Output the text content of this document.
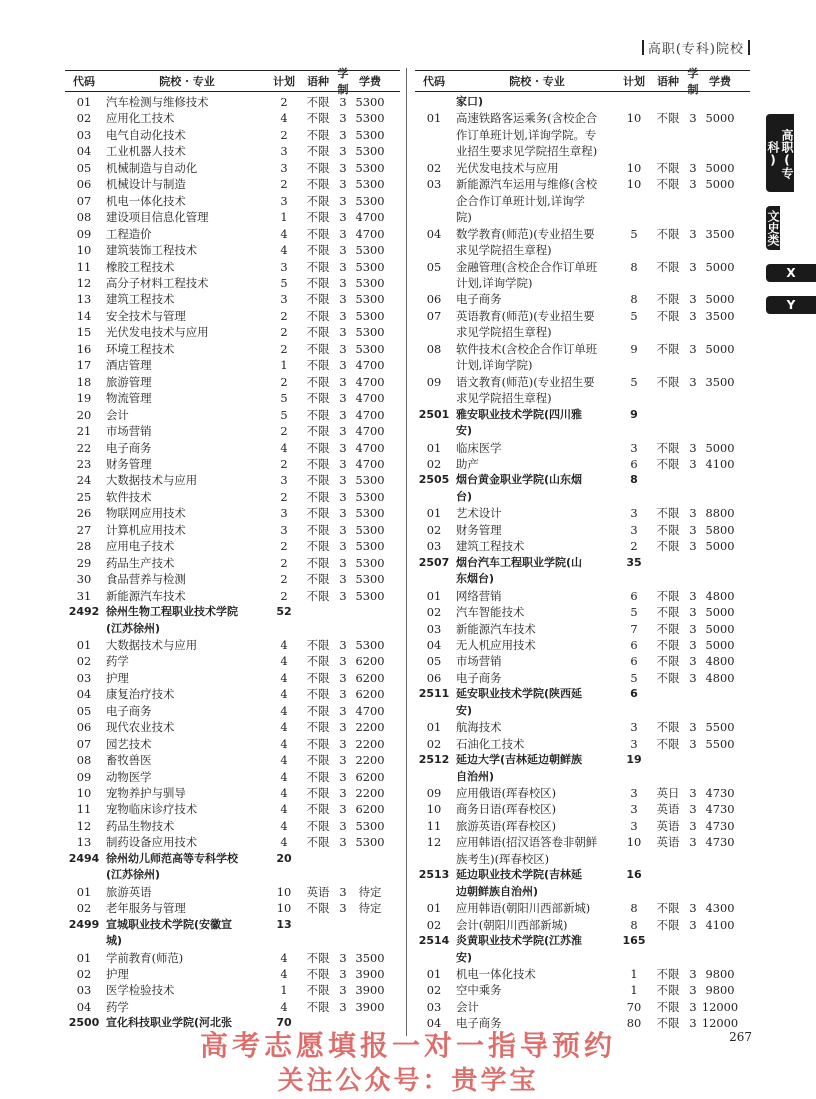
高职(专科)院校
代码	院校 · 专业	计划	语种
学制
学费
01	汽车检测与维修技术	2	不限 3 5300
02	应用化工技术	4	不限 3 5300
03	电气自动化技术	2	不限 3 5300
04	工业机器人技术	3	不限 3 5300
05	机械制造与自动化	3	不限 3 5300
06	机械设计与制造	2	不限 3 5300
07	机电一体化技术	3	不限 3 5300
08	建设项目信息化管理	1	不限 3 4700
09	工程造价	4	不限 3 4700
10	建筑装饰工程技术	4	不限 3 5300
11	橡胶工程技术	3	不限 3 5300
12	高分子材料工程技术	5	不限 3 5300
13	建筑工程技术	3	不限 3 5300
14	安全技术与管理	2	不限 3 5300
15	光伏发电技术与应用	2	不限 3 5300
16	环境工程技术	2	不限 3 5300
17	酒店管理	1	不限 3 4700
18	旅游管理	2	不限 3 4700
19	物流管理	5	不限 3 4700
20	会计	5	不限 3 4700
21	市场营销	2	不限 3 4700
22	电子商务	4	不限 3 4700
23	财务管理	2	不限 3 4700
24	大数据技术与应用	3	不限 3 5300
25	软件技术	2	不限 3 5300
26	物联网应用技术	3	不限 3 5300
27	计算机应用技术	3	不限 3 5300
28	应用电子技术	2	不限 3 5300
29	药品生产技术	2	不限 3 5300
30	食品营养与检测	2	不限 3 5300
31	新能源汽车技术	2	不限 3 5300
2492 徐州生物工程职业技术学院	52
(江苏徐州)
01	大数据技术与应用	4	不限 3 5300
02	药学	4	不限 3 6200
03	护理	4	不限 3 6200
04	康复治疗技术	4	不限 3 6200
05	电子商务	4	不限 3 4700
06	现代农业技术	4	不限 3 2200
07	园艺技术	4	不限 3 2200
08	畜牧兽医	4	不限 3 2200
09	动物医学	4	不限 3 6200
10	宠物养护与驯导	4	不限 3 2200
11	宠物临床诊疗技术	4	不限 3 6200
12	药品生物技术	4	不限 3 5300
13	制药设备应用技术	4	不限 3 5300
2494 徐州幼儿师范高等专科学校	20
(江苏徐州)
01	旅游英语	10	英语 3	待定
02	老年服务与管理	10	不限 3	待定
2499 宣城职业技术学院(安徽宣	13
城)
01	学前教育(师范)	4	不限 3 3500
02	护理	4	不限 3 3900
03	医学检验技术	1	不限 3 3900
04	药学	4	不限 3 3900
2500 宣化科技职业学院(河北张	70
代码	院校 · 专业	计划	语种
学制
学费
家口)
01	高速铁路客运乘务(含校企合	10	不限 3 5000
作订单班计划,详询学院。专
业招生要求见学院招生章程)
02	光伏发电技术与应用	10	不限 3 5000
03	新能源汽车运用与维修(含校	10	不限 3 5000
企合作订单班计划,详询学
院)
04	数学教育(师范)(专业招生要	5	不限 3 3500
求见学院招生章程)
05	金融管理(含校企合作订单班	8	不限 3 5000
计划,详询学院)
06	电子商务	8	不限 3 5000
07	英语教育(师范)(专业招生要	5	不限 3 3500
求见学院招生章程)
08	软件技术(含校企合作订单班	9	不限 3 5000
计划,详询学院)
09	语文教育(师范)(专业招生要	5	不限 3 3500
求见学院招生章程)
2501 雅安职业技术学院(四川雅	9
安)
01	临床医学	3	不限 3 5000
02	助产	6	不限 3 4100
2505 烟台黄金职业学院(山东烟	8
台)
01	艺术设计	3	不限 3 8800
02	财务管理	3	不限 3 5800
03	建筑工程技术	2	不限 3 5000
2507 烟台汽车工程职业学院(山	35
东烟台)
01	网络营销	6	不限 3 4800
02	汽车智能技术	5	不限 3 5000
03	新能源汽车技术	7	不限 3 5000
04	无人机应用技术	6	不限 3 5000
05	市场营销	6	不限 3 4800
06	电子商务	5	不限 3 4800
2511 延安职业技术学院(陕西延	6
安)
01	航海技术	3	不限 3 5500
02	石油化工技术	3	不限 3 5500
2512 延边大学(吉林延边朝鲜族	19
自治州)
09	应用俄语(珲春校区)	3	英日 3 4730
10	商务日语(珲春校区)	3	英语 3 4730
11	旅游英语(珲春校区)	3	英语 3 4730
12	应用韩语(招汉语答卷非朝鲜	10	英语 3 4730
族考生)(珲春校区)
2513 延边职业技术学院(吉林延	16
边朝鲜族自治州)
01	应用韩语(朝阳川西部新城)	8	不限 3 4300
02	会计(朝阳川西部新城)	8	不限 3 4100
2514 炎黄职业技术学院(江苏淮	165
安)
01	机电一体化技术	1	不限 3 9800
02	空中乘务	1	不限 3 9800
03	会计	70	不限 3 12000
04	电子商务	80	不限 3 12000
高职(专科)
文史类
X
Y
267
高考志愿填报一对一指导预约
关注公众号：贵学宝
